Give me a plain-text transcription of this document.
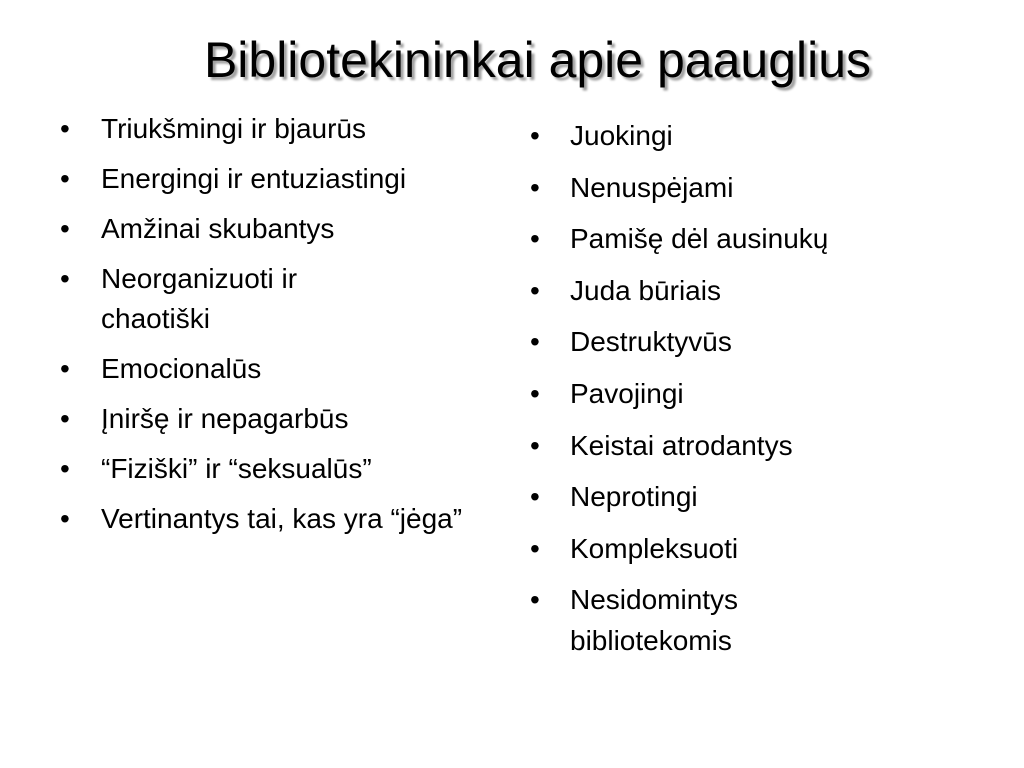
Bibliotekininkai apie paauglius
•	Triukšmingi ir bjaurūs
•	Energingi ir entuziastingi
•	Amžinai skubantys
•	Neorganizuoti ir chaotiški
•	Emocionalūs
•	Įniršę ir nepagarbūs
•	“Fiziški” ir “seksualūs”
•	Vertinantys tai, kas yra “jėga”
•	Juokingi
•	Nenuspėjami
•	Pamišę dėl ausinukų
•	Juda būriais
•	Destruktyvūs
•	Pavojingi
•	Keistai atrodantys
•	Neprotingi
•	Kompleksuoti
•	Nesidomintys bibliotekomis
